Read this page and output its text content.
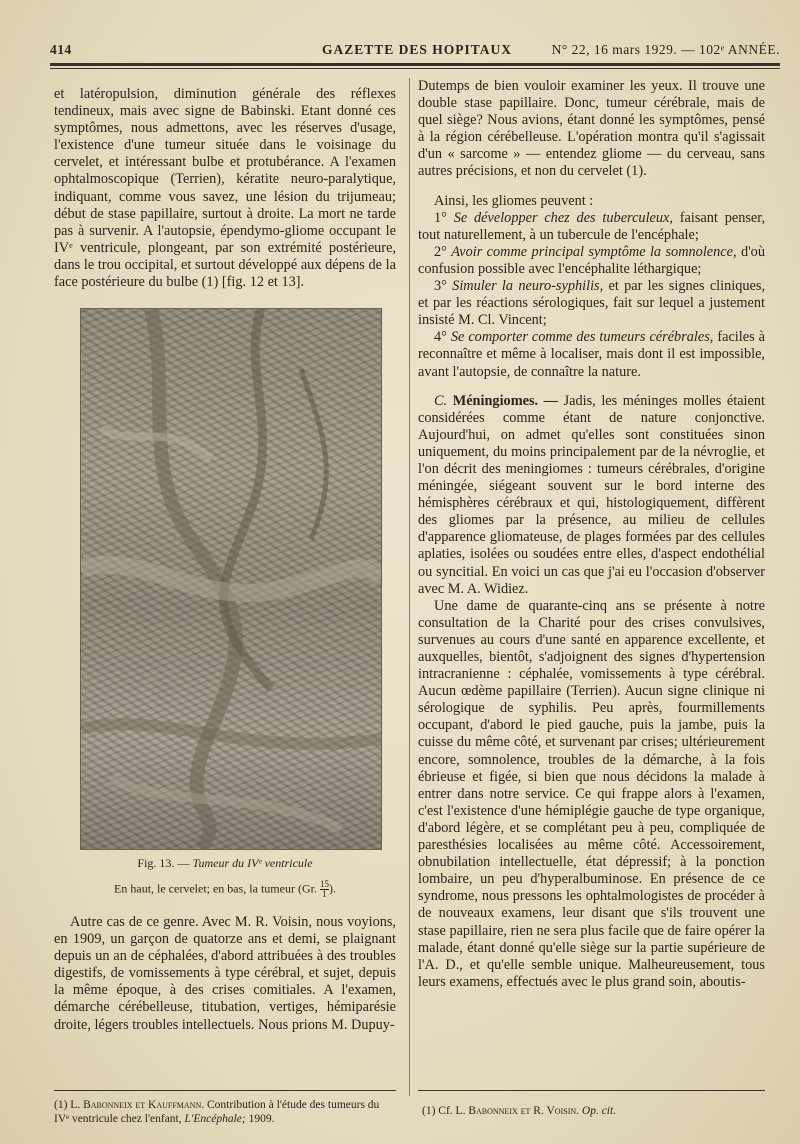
414	GAZETTE DES HOPITAUX	N° 22, 16 mars 1929. — 102ᵉ ANNÉE.

et latéropulsion, diminution générale des réflexes tendineux, mais avec signe de Babinski. Etant donné ces symptômes, nous admettons, avec les réserves d'usage, l'existence d'une tumeur située dans le voisinage du cervelet, et intéressant bulbe et protubérance. A l'examen ophtalmoscopique (Terrien), kératite neuro-paralytique, indiquant, comme vous savez, une lésion du trijumeau; début de stase papillaire, surtout à droite. La mort ne tarde pas à survenir. A l'autopsie, épendymo-gliome occupant le IVᵉ ventricule, plongeant, par son extrémité postérieure, dans le trou occipital, et surtout développé aux dépens de la face postérieure du bulbe (1) [fig. 12 et 13].

Fig. 13. — Tumeur du IVᵉ ventricule
En haut, le cervelet; en bas, la tumeur (Gr. $\frac{15}{1}$ ).

Autre cas de ce genre. Avec M. R. Voisin, nous voyions, en 1909, un garçon de quatorze ans et demi, se plaignant depuis un an de céphalées, d'abord attribuées à des troubles digestifs, de vomissements à type cérébral, et sujet, depuis la même époque, à des crises comitiales. A l'examen, démarche cérébelleuse, titubation, vertiges, hémiparésie droite, légers troubles intellectuels. Nous prions M. Dupuy-

(1) L. Babonneix et Kauffmann. Contribution à l'étude des tumeurs du IVᵉ ventricule chez l'enfant, L'Encéphale; 1909.

Dutemps de bien vouloir examiner les yeux. Il trouve une double stase papillaire. Donc, tumeur cérébrale, mais de quel siège? Nous avions, étant donné les symptômes, pensé à la région cérébelleuse. L'opération montra qu'il s'agissait d'un « sarcome » — entendez gliome — du cerveau, sans autres précisions, et non du cervelet (1).

Ainsi, les gliomes peuvent :

1° Se développer chez des tuberculeux, faisant penser, tout naturellement, à un tubercule de l'encéphale;

2° Avoir comme principal symptôme la somnolence, d'où confusion possible avec l'encéphalite léthargique;

3° Simuler la neuro-syphilis, et par les signes cliniques, et par les réactions sérologiques, fait sur lequel a justement insisté M. Cl. Vincent;

4° Se comporter comme des tumeurs cérébrales, faciles à reconnaître et même à localiser, mais dont il est impossible, avant l'autopsie, de connaître la nature.

C. Méningiomes. — Jadis, les méninges molles étaient considérées comme étant de nature conjonctive. Aujourd'hui, on admet qu'elles sont constituées sinon uniquement, du moins principalement par de la névroglie, et l'on décrit des meningiomes : tumeurs cérébrales, d'origine méningée, siégeant souvent sur le bord interne des hémisphères cérébraux et qui, histologiquement, diffèrent des gliomes par la présence, au milieu de cellules d'apparence gliomateuse, de plages formées par des cellules aplaties, isolées ou soudées entre elles, d'aspect endothélial ou syncitial. En voici un cas que j'ai eu l'occasion d'observer avec M. A. Widiez.

Une dame de quarante-cinq ans se présente à notre consultation de la Charité pour des crises convulsives, survenues au cours d'une santé en apparence excellente, et auxquelles, bientôt, s'adjoignent des signes d'hypertension intracranienne : céphalée, vomissements à type cérébral. Aucun œdème papillaire (Terrien). Aucun signe clinique ni sérologique de syphilis. Peu après, fourmillements occupant, d'abord le pied gauche, puis la jambe, puis la cuisse du même côté, et survenant par crises; ultérieurement encore, somnolence, troubles de la démarche, à la fois ébrieuse et figée, si bien que nous décidons la malade à entrer dans notre service. Ce qui frappe alors à l'examen, c'est l'existence d'une hémiplégie gauche de type organique, d'abord légère, et se complétant peu à peu, compliquée de paresthésies localisées au même côté. Accessoirement, obnubilation intellectuelle, état dépressif; à la ponction lombaire, un peu d'hyperalbuminose. En présence de ce syndrome, nous pressons les ophtalmologistes de procéder à de nouveaux examens, leur disant que s'ils trouvent une stase papillaire, rien ne sera plus facile que de faire opérer la malade, étant donné qu'elle siège sur la partie supérieure de l'A. D., et qu'elle semble unique. Malheureusement, tous leurs examens, effectués avec le plus grand soin, aboutis-

(1) Cf. L. Babonneix et R. Voisin. Op. cit.
